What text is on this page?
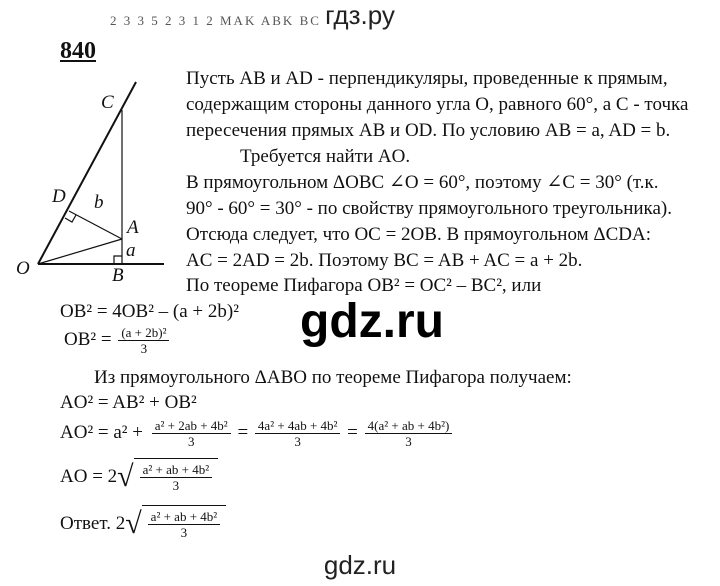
гдз.ру
2 3 3 5 2 3 1 2 MAK ABK BC
840
C
D b
A
a
O	B
Пусть AB и AD - перпендикуляры, проведенные к прямым,
содержащим стороны данного угла O, равного 60°, а C - точка
пересечения прямых AB и OD. По условию AB = a, AD = b.
Требуется найти AO.
В прямоугольном ΔOBC ∠O = 60°, поэтому ∠C = 30° (т.к.
90° - 60° = 30° - по свойству прямоугольного треугольника).
Отсюда следует, что OC = 2OB. В прямоугольном ΔCDA:
AC = 2AD = 2b. Поэтому BC = AB + AC = a + 2b.
По теореме Пифагора OB² = OC² – BC², или
OB² = 4OB² – (a + 2b)²
$OB^2 = \frac{\text{(a + 2b)²}}{3}$	gdz.ru
Из прямоугольного ΔABO по теореме Пифагора получаем:
AO² = AB² + OB²
$AO^2 = a^2 + \frac{\text{a² + 2ab + 4b²}}{3} = \frac{\text{4a² + 4ab + 4b²}}{3} = \frac{\text{4(a² + ab + 4b²)}}{3}$
AO = 2 √ $\frac{\text{a² + ab + 4b²}}{3}$
Ответ. 2 √ $\frac{\text{a² + ab + 4b²}}{3}$
gdz.ru
